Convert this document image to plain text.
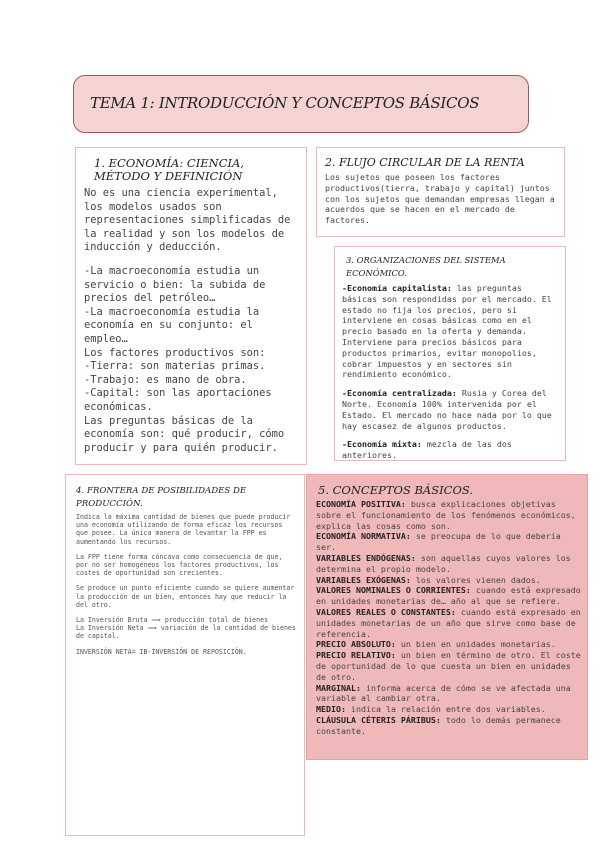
TEMA 1: INTRODUCCIÓN Y CONCEPTOS BÁSICOS

1. ECONOMÍA: CIENCIA, MÉTODO Y DEFINICIÓN

No es una ciencia experimental, los modelos usados son representaciones simplificadas de la realidad y son los modelos de inducción y deducción.

-La macroeconomía estudia un servicio o bien: la subida de precios del petróleo…

-La macroeconomía estudia la economía en su conjunto: el empleo…

Los factores productivos son:

-Tierra: son materias primas.

-Trabajo: es mano de obra.

-Capital: son las aportaciones económicas.

Las preguntas básicas de la economía son: qué producir, cómo producir y para quién producir.

2. FLUJO CIRCULAR DE LA RENTA

Los sujetos que poseen los factores productivos(tierra, trabajo y capital) juntos con los sujetos que demandan empresas llegan a acuerdos que se hacen en el mercado de factores.

3. ORGANIZACIONES DEL SISTEMA ECONÓMICO.

-Economía capitalista: las preguntas básicas son respondidas por el mercado. El estado no fija los precios, pero si interviene en cosas básicas como en el precio basado en la oferta y demanda. Interviene para precios básicos para productos primarios, evitar monopolios, cobrar impuestos y en sectores sin rendimiento económico.

-Economía centralizada: Rusia y Corea del Norte. Economía 100% intervenida por el Estado. El mercado no hace nada por lo que hay escasez de algunos productos.

-Economía mixta: mezcla de las dos anteriores.

4. FRONTERA DE POSIBILIDADES DE PRODUCCIÓN.

Indica la máxima cantidad de bienes que puede producir una economía utilizando de forma eficaz los recursos que posee. La única manera de levantar la FPP es aumentando los recursos.

La FPP tiene forma cóncava como consecuencia de que, por no ser homogéneos los factores productivos, los costes de oportunidad son crecientes.

Se produce un punto eficiente cuando se quiere aumentar la producción de un bien, entonces hay que reducir la del otro.

La Inversión Bruta ⟹ producción total de bienes

La Inversión Neta ⟹ variación de la cantidad de bienes de capital.

INVERSIÓN NETA= IB-INVERSIÓN DE REPOSICIÓN.

5. CONCEPTOS BÁSICOS.

ECONOMÍA POSITIVA: busca explicaciones objetivas sobre el funcionamiento de los fenómenos económicos, explica las cosas como son.

ECONOMÍA NORMATIVA: se preocupa de lo que debería ser.

VARIABLES ENDÓGENAS: son aquellas cuyos valores los determina el propio modelo.

VARIABLES EXÓGENAS: los valores vienen dados.

VALORES NOMINALES O CORRIENTES: cuando está expresado en unidades monetarias de… año al que se refiere.

VALORES REALES O CONSTANTES: cuando está expresado en unidades monetarias de un año que sirve como base de referencia.

PRECIO ABSOLUTO: un bien en unidades monetarias.

PRECIO RELATIVO: un bien en término de otro. El coste de oportunidad de lo que cuesta un bien en unidades de otro.

MARGINAL: informa acerca de cómo se ve afectada una variable al cambiar otra.

MEDIO: indica la relación entre dos variables.

CLÁUSULA CÉTERIS PÁRIBUS: todo lo demás permanece constante.
